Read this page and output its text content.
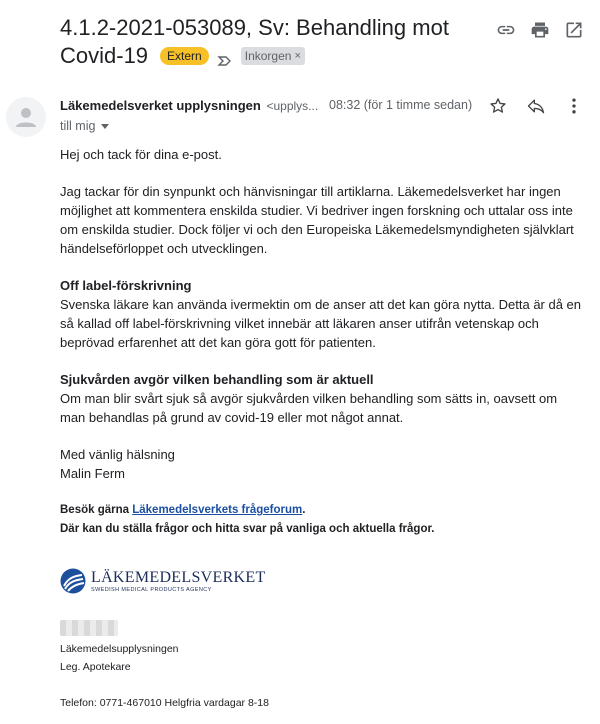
4.1.2-2021-053089, Sv: Behandling mot
Covid-19	Extern	Inkorgen ×
Läkemedelsverket upplysningen <upplys... 08:32 (för 1 timme sedan)
till mig

Hej och tack för dina e-post.

Jag tackar för din synpunkt och hänvisningar till artiklarna. Läkemedelsverket har ingen möjlighet att kommentera enskilda studier. Vi bedriver ingen forskning och uttalar oss inte om enskilda studier. Dock följer vi och den Europeiska Läkemedelsmyndigheten självklart händelseförloppet och utvecklingen.

Off label-förskrivning
Svenska läkare kan använda ivermektin om de anser att det kan göra nytta. Detta är då en så kallad off label-förskrivning vilket innebär att läkaren anser utifrån vetenskap och beprövad erfarenhet att det kan göra gott för patienten.

Sjukvården avgör vilken behandling som är aktuell
Om man blir svårt sjuk så avgör sjukvården vilken behandling som sätts in, oavsett om man behandlas på grund av covid-19 eller mot något annat.

Med vänlig hälsning
Malin Ferm

Besök gärna Läkemedelsverkets frågeforum.
Där kan du ställa frågor och hitta svar på vanliga och aktuella frågor.

LÄKEMEDELSVERKET
SWEDISH MEDICAL PRODUCTS AGENCY
Läkemedelsupplysningen
Leg. Apotekare
Telefon: 0771-467010 Helgfria vardagar 8-18
